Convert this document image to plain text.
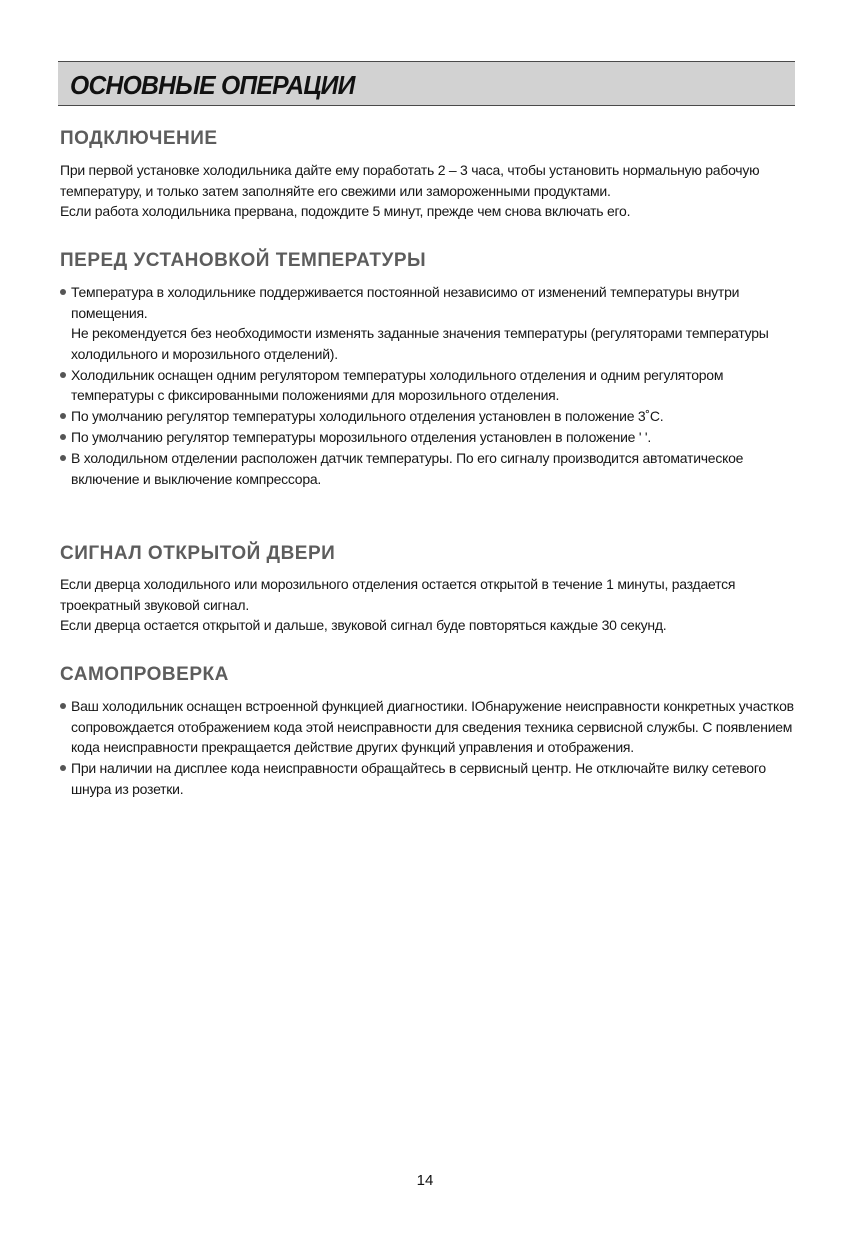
ОСНОВНЫЕ ОПЕРАЦИИ
ПОДКЛЮЧЕНИЕ

При первой установке холодильника дайте ему поработать 2 – 3 часа, чтобы установить нормальную рабочую

температуру, и только затем заполняйте его свежими или замороженными продуктами.

Если работа холодильника прервана, подождите 5 минут, прежде чем снова включать его.

ПЕРЕД УСТАНОВКОЙ ТЕМПЕРАТУРЫ
Температура в холодильнике поддерживается постоянной независимо от изменений температуры внутри
помещения.
Не рекомендуется без необходимости изменять заданные значения температуры (регуляторами температуры
холодильного и морозильного отделений).
Холодильник оснащен одним регулятором температуры холодильного отделения и одним регулятором
температуры с фиксированными положениями для морозильного отделения.
По умолчанию регулятор температуры холодильного отделения установлен в положение 3˚С.
По умолчанию регулятор температуры морозильного отделения установлен в положение ' '.
В холодильном отделении расположен датчик температуры. По его сигналу производится автоматическое
включение и выключение компрессора.
СИГНАЛ ОТКРЫТОЙ ДВЕРИ

Если дверца холодильного или морозильного отделения остается открытой в течение 1 минуты, раздается

троекратный звуковой сигнал.

Если дверца остается открытой и дальше, звуковой сигнал буде повторяться каждые 30 секунд.

САМОПРОВЕРКА
Ваш холодильник оснащен встроенной функцией диагностики. IОбнаружение неисправности конкретных участков
сопровождается отображением кода этой неисправности для сведения техника сервисной службы. С появлением
кода неисправности прекращается действие других функций управления и отображения.
При наличии на дисплее кода неисправности обращайтесь в сервисный центр. Не отключайте вилку сетевого
шнура из розетки.
14
